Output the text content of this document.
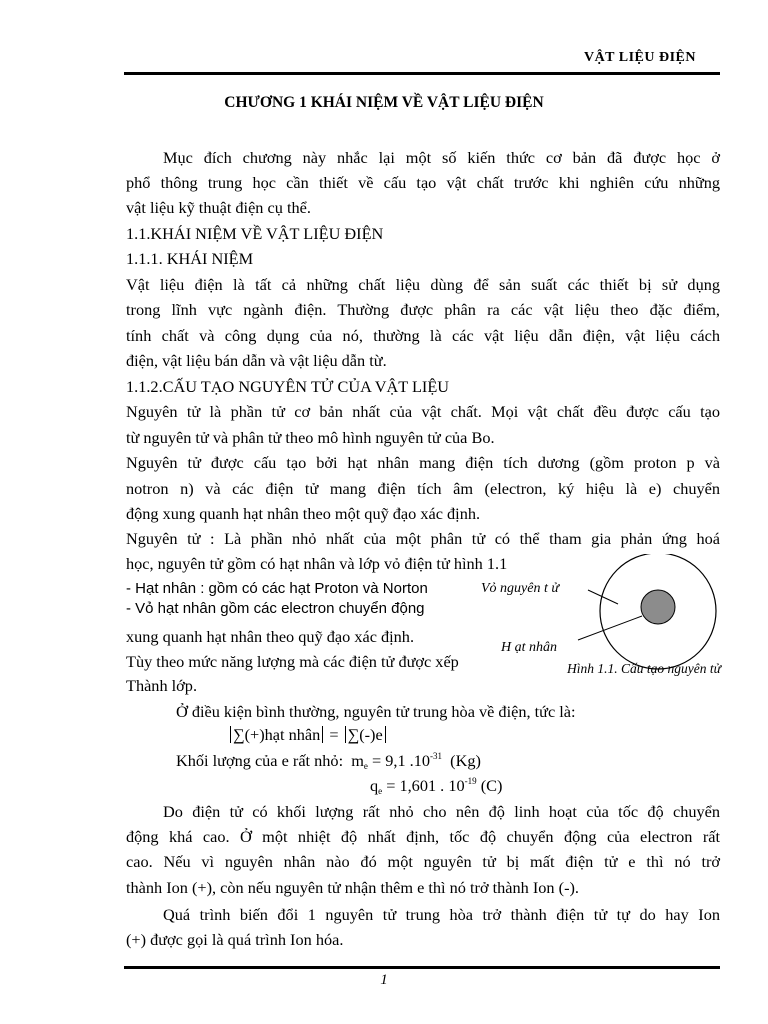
VẬT LIỆU ĐIỆN
CHƯƠNG 1 KHÁI NIỆM VỀ VẬT LIỆU ĐIỆN
Mục đích chương này nhắc lại một số kiến thức cơ bản đã được học ở
phổ thông trung học cần thiết về cấu tạo vật chất trước khi nghiên cứu những
vật liệu kỹ thuật điện cụ thể.
1.1.KHÁI NIỆM VỀ VẬT LIỆU ĐIỆN
1.1.1. KHÁI NIỆM
Vật liệu điện là tất cả những chất liệu dùng để sản suất các thiết bị sử dụng
trong lĩnh vực ngành điện. Thường được phân ra các vật liệu theo đặc điểm,
tính chất và công dụng của nó, thường là các vật liệu dẫn điện, vật liệu cách
điện, vật liệu bán dẫn và vật liệu dẫn từ.
1.1.2.CẤU TẠO NGUYÊN TỬ CỦA VẬT LIỆU
Nguyên tử là phần tử cơ bản nhất của vật chất. Mọi vật chất đều được cấu tạo
từ nguyên tử và phân tử theo mô hình nguyên tử của Bo.
Nguyên tử được cấu tạo bởi hạt nhân mang điện tích dương (gồm proton p và
notron n) và các điện tử mang điện tích âm (electron, ký hiệu là e) chuyển
động xung quanh hạt nhân theo một quỹ đạo xác định.
Nguyên tử : Là phần nhỏ nhất của một phân tử có thể tham gia phản ứng hoá
học, nguyên tử gồm có hạt nhân và lớp vỏ điện tử hình 1.1
- Hạt nhân : gồm có các hạt Proton và Norton
- Vỏ hạt nhân gồm các electron chuyển động
xung quanh hạt nhân theo quỹ đạo xác định.
Tùy theo mức năng lượng mà các điện tử được xếp
Thành lớp.
Vỏ nguyên t ử
H ạt nhân
Hình 1.1. Cấu tạo nguyên tử
Ở điều kiện bình thường, nguyên tử trung hòa về điện, tức là:
∑(+)hạt nhân = ∑(-)e
Khối lượng của e rất nhỏ: $m_e = 9,1$ $.10^{-31}$ (Kg)
$q_e = 1,601$ . $10^{-19}$ (C)
Do điện tử có khối lượng rất nhỏ cho nên độ linh hoạt của tốc độ chuyển
động khá cao. Ở một nhiệt độ nhất định, tốc độ chuyển động của electron rất
cao. Nếu vì nguyên nhân nào đó một nguyên tử bị mất điện tử e thì nó trở
thành Ion (+), còn nếu nguyên tử nhận thêm e thì nó trở thành Ion (-).
Quá trình biến đổi 1 nguyên tử trung hòa trở thành điện tử tự do hay Ion
(+) được gọi là quá trình Ion hóa.
1
